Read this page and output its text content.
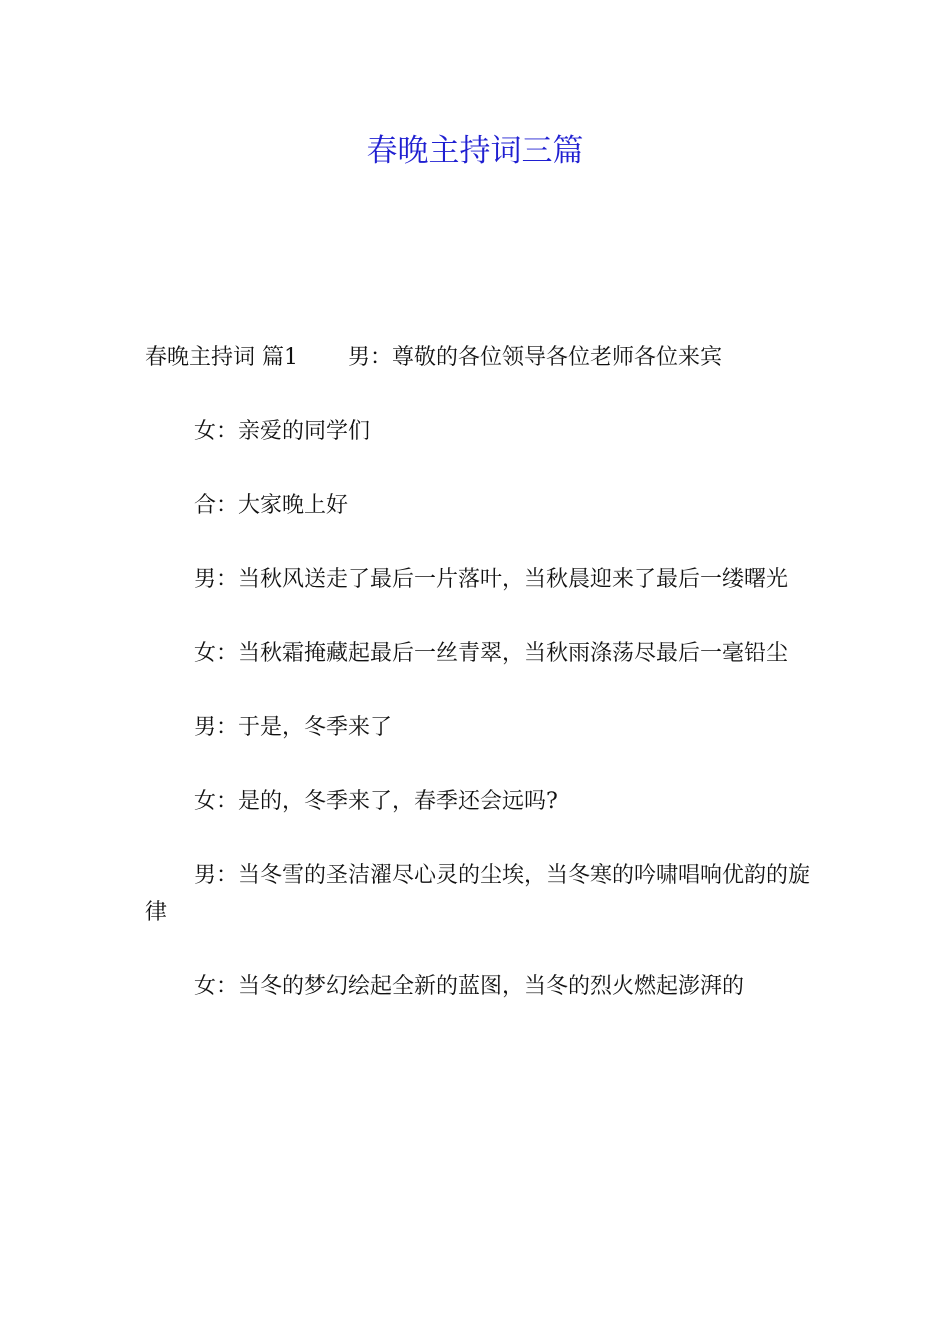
春晚主持词三篇

春晚主持词 篇1 男：尊敬的各位领导各位老师各位来宾

女：亲爱的同学们

合：大家晚上好

男：当秋风送走了最后一片落叶，当秋晨迎来了最后一缕曙光

女：当秋霜掩藏起最后一丝青翠，当秋雨涤荡尽最后一毫铅尘

男：于是，冬季来了

女：是的，冬季来了，春季还会远吗?

男：当冬雪的圣洁濯尽心灵的尘埃，当冬寒的吟啸唱响优韵的旋律

女：当冬的梦幻绘起全新的蓝图，当冬的烈火燃起澎湃的
